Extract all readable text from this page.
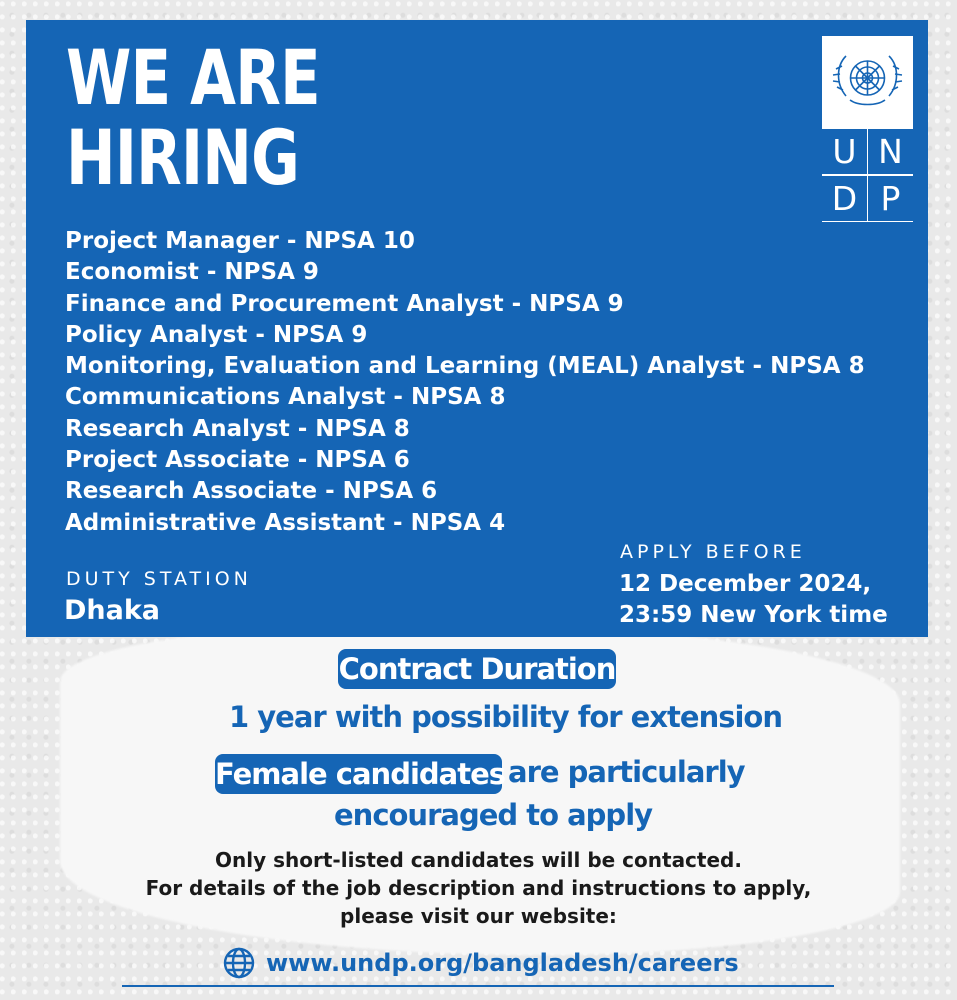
WE ARE
HIRING	U N
D P
Project Manager - NPSA 10
Economist - NPSA 9
Finance and Procurement Analyst - NPSA 9
Policy Analyst - NPSA 9
Monitoring, Evaluation and Learning (MEAL) Analyst - NPSA 8
Communications Analyst - NPSA 8
Research Analyst - NPSA 8
Project Associate - NPSA 6
Research Associate - NPSA 6
Administrative Assistant - NPSA 4
DUTY STATION
Dhaka
APPLY BEFORE
12 December 2024,
23:59 New York time
Contract Duration
1 year with possibility for extension
Female candidates are particularly
encouraged to apply
Only short-listed candidates will be contacted.
For details of the job description and instructions to apply,
please visit our website:
www.undp.org/bangladesh/careers
